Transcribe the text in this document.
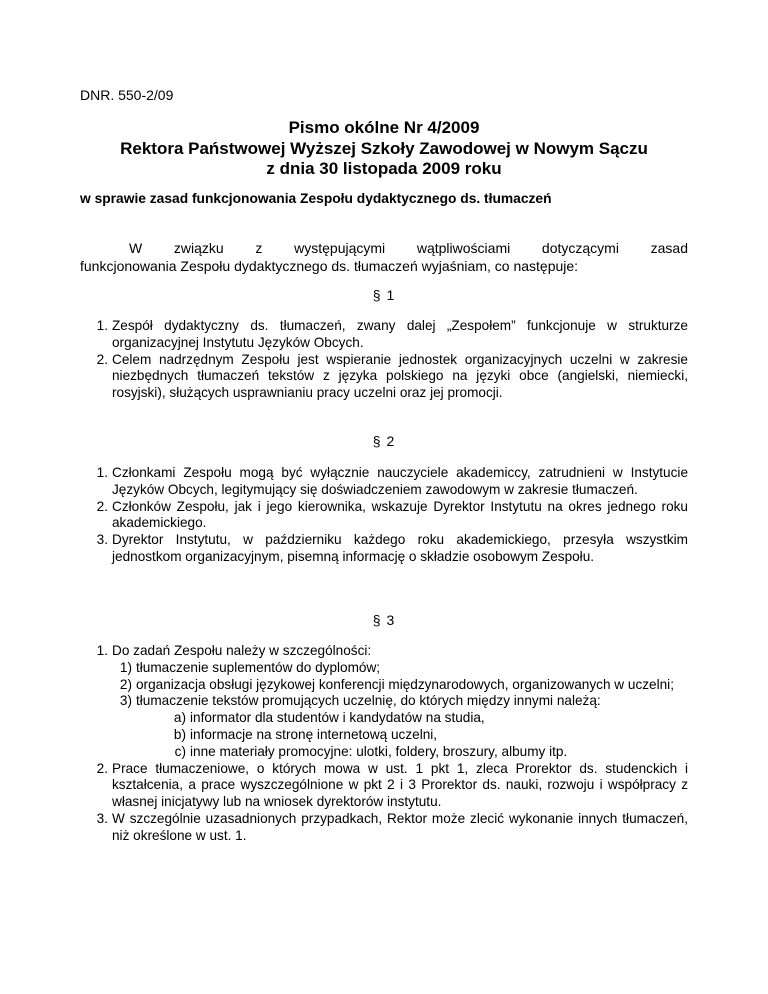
DNR. 550-2/09
Pismo okólne Nr 4/2009
Rektora Państwowej Wyższej Szkoły Zawodowej w Nowym Sączu
z dnia 30 listopada 2009 roku
w sprawie zasad funkcjonowania Zespołu dydaktycznego ds. tłumaczeń

W związku z występującymi wątpliwościami dotyczącymi zasad

funkcjonowania Zespołu dydaktycznego ds. tłumaczeń wyjaśniam, co następuje:

§ 1
1. Zespół dydaktyczny ds. tłumaczeń, zwany dalej „Zespołem” funkcjonuje w strukturze organizacyjnej Instytutu Języków Obcych.
2. Celem nadrzędnym Zespołu jest wspieranie jednostek organizacyjnych uczelni w zakresie niezbędnych tłumaczeń tekstów z języka polskiego na języki obce (angielski, niemiecki, rosyjski), służących usprawnianiu pracy uczelni oraz jej promocji.
§ 2
1. Członkami Zespołu mogą być wyłącznie nauczyciele akademiccy, zatrudnieni w Instytucie Języków Obcych, legitymujący się doświadczeniem zawodowym w zakresie tłumaczeń.
2. Członków Zespołu, jak i jego kierownika, wskazuje Dyrektor Instytutu na okres jednego roku akademickiego.
3. Dyrektor Instytutu, w październiku każdego roku akademickiego, przesyła wszystkim jednostkom organizacyjnym, pisemną informację o składzie osobowym Zespołu.
§ 3
1. Do zadań Zespołu należy w szczególności:
1) tłumaczenie suplementów do dyplomów;
2) organizacja obsługi językowej konferencji międzynarodowych, organizowanych w uczelni;
3) tłumaczenie tekstów promujących uczelnię, do których między innymi należą:
a) informator dla studentów i kandydatów na studia,
b) informacje na stronę internetową uczelni,
c) inne materiały promocyjne: ulotki, foldery, broszury, albumy itp.
2. Prace tłumaczeniowe, o których mowa w ust. 1 pkt 1, zleca Prorektor ds. studenckich i kształcenia, a prace wyszczególnione w pkt 2 i 3 Prorektor ds. nauki, rozwoju i współpracy z własnej inicjatywy lub na wniosek dyrektorów instytutu.
3. W szczególnie uzasadnionych przypadkach, Rektor może zlecić wykonanie innych tłumaczeń, niż określone w ust. 1.
